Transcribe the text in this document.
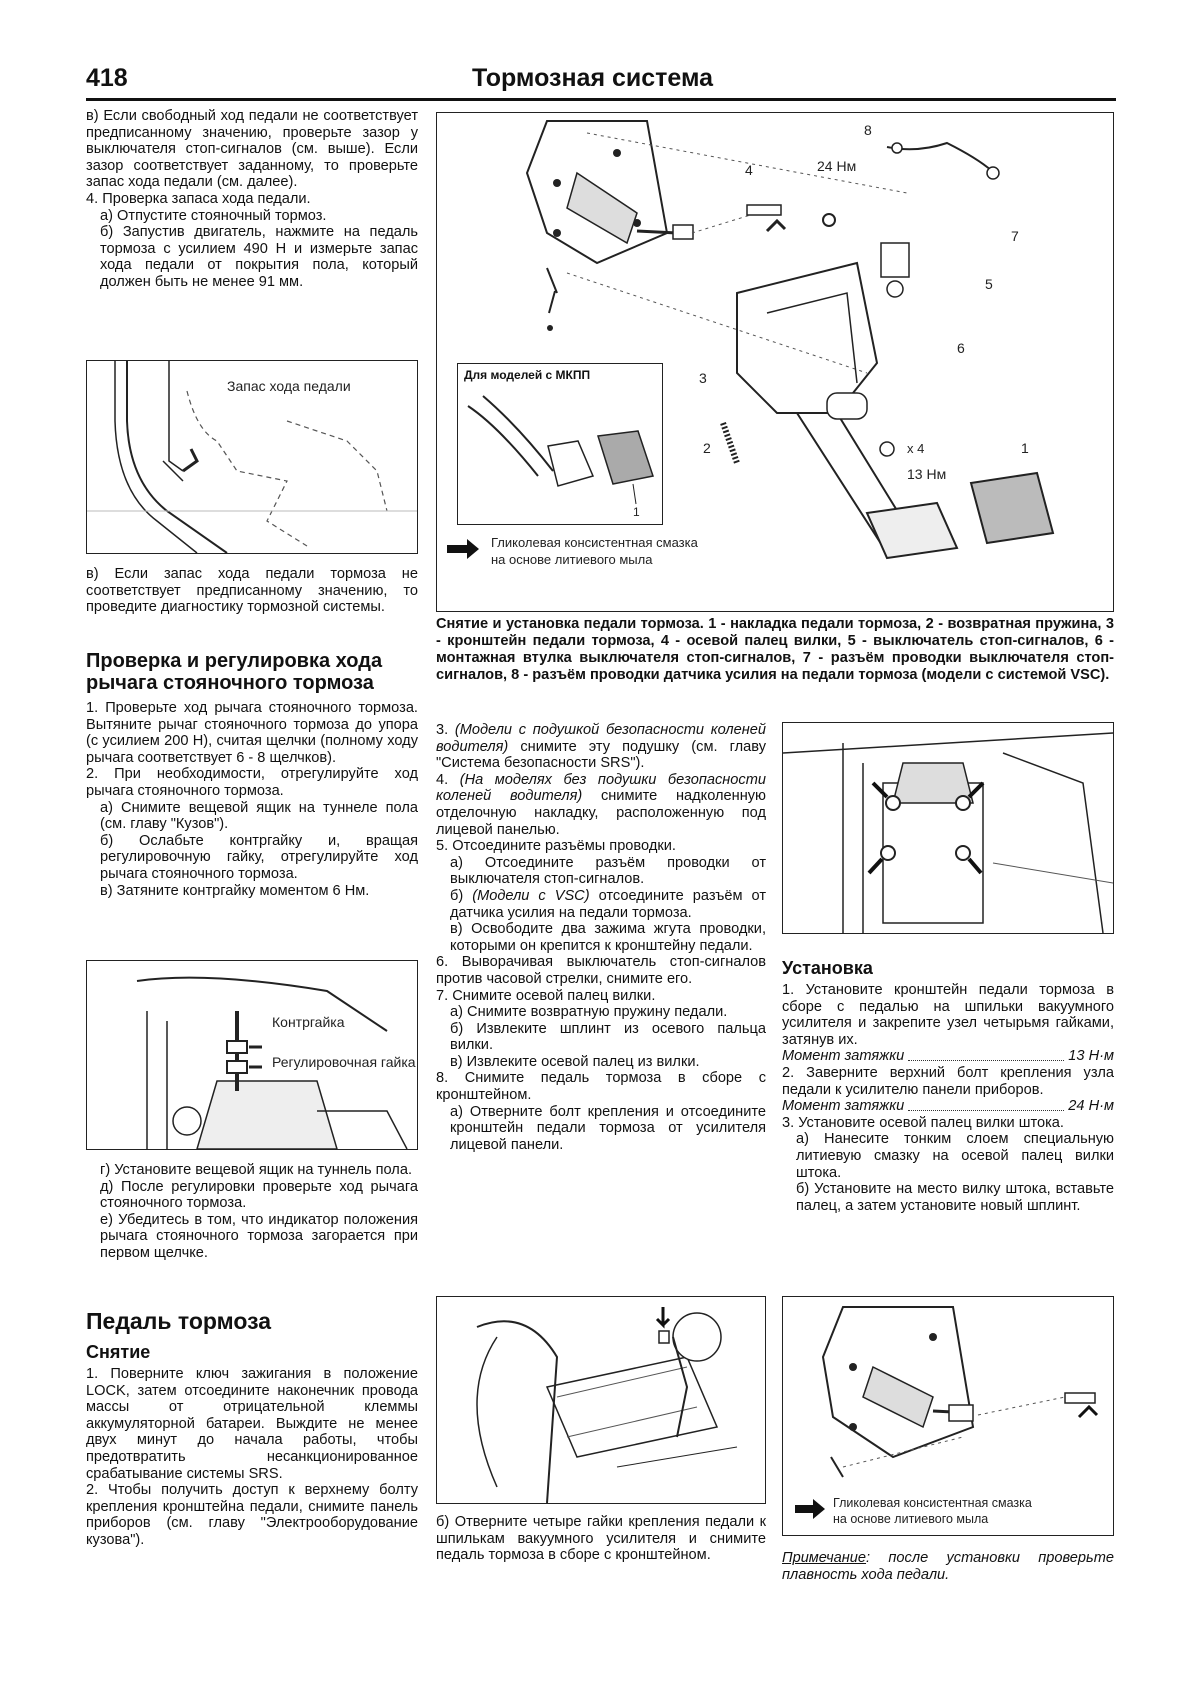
418	Тормозная система

в) Если свободный ход педали не соответствует предписанному значению, проверьте зазор у выключателя стоп-сигналов (см. выше). Если зазор соответствует заданному, то проверьте запас хода педали (см. далее).

4. Проверка запаса хода педали.

а) Отпустите стояночный тормоз.

б) Запустив двигатель, нажмите на педаль тормоза с усилием 490 Н и измерьте запас хода педали от покрытия пола, который должен быть не менее 91 мм.

Запас хода педали
в) Если запас хода педали тормоза не соответствует предписанному значению, то проведите диагностику тормозной системы.
Проверка и регулировка хода рычага стояночного тормоза

1. Проверьте ход рычага стояночного тормоза. Вытяните рычаг стояночного тормоза до упора (с усилием 200 Н), считая щелчки (полному ходу рычага соответствует 6 - 8 щелчков).

2. При необходимости, отрегулируйте ход рычага стояночного тормоза.

а) Снимите вещевой ящик на туннеле пола (см. главу "Кузов").

б) Ослабьте контргайку и, вращая регулировочную гайку, отрегулируйте ход рычага стояночного тормоза.

в) Затяните контргайку моментом 6 Нм.

Контргайка
Регулировочная гайка

г) Установите вещевой ящик на туннель пола.

д) После регулировки проверьте ход рычага стояночного тормоза.

е) Убедитесь в том, что индикатор положения рычага стояночного тормоза загорается при первом щелчке.

Педаль тормоза
Снятие

1. Поверните ключ зажигания в положение LOCK, затем отсоедините наконечник провода массы от отрицательной клеммы аккумуляторной батареи. Выждите не менее двух минут до начала работы, чтобы предотвратить несанкционированное срабатывание системы SRS.

2. Чтобы получить доступ к верхнему болту крепления кронштейна педали, снимите панель приборов (см. главу "Электрооборудование кузова").

4	24 Нм
8
7
5
6
3
2	x 4
13 Нм
1
Гликолевая консистентная смазка
на основе литиевого мыла
Для моделей с МКПП
1
Снятие и установка педали тормоза. 1 - накладка педали тормоза, 2 - возвратная пружина, 3 - кронштейн педали тормоза, 4 - осевой палец вилки, 5 - выключатель стоп-сигналов, 6 - монтажная втулка выключателя стоп-сигналов, 7 - разъём проводки выключателя стоп-сигналов, 8 - разъём проводки датчика усилия на педали тормоза (модели с системой VSC).

3. (Модели с подушкой безопасности коленей водителя) снимите эту подушку (см. главу "Система безопасности SRS").

4. (На моделях без подушки безопасности коленей водителя) снимите надколенную отделочную накладку, расположенную под лицевой панелью.

5. Отсоедините разъёмы проводки.

а) Отсоедините разъём проводки от выключателя стоп-сигналов.

б) (Модели с VSC) отсоедините разъём от датчика усилия на педали тормоза.

в) Освободите два зажима жгута проводки, которыми он крепится к кронштейну педали.

6. Выворачивая выключатель стоп-сигналов против часовой стрелки, снимите его.

7. Снимите осевой палец вилки.

а) Снимите возвратную пружину педали.

б) Извлеките шплинт из осевого пальца вилки.

в) Извлеките осевой палец из вилки.

8. Снимите педаль тормоза в сборе с кронштейном.

а) Отверните болт крепления и отсоедините кронштейн педали тормоза от усилителя лицевой панели.

б) Отверните четыре гайки крепления педали к шпилькам вакуумного усилителя и снимите педаль тормоза в сборе с кронштейном.
Установка

1. Установите кронштейн педали тормоза в сборе с педалью на шпильки вакуумного усилителя и закрепите узел четырьмя гайками, затянув их.

Момент затяжки	13 Н·м

2. Заверните верхний болт крепления узла педали к усилителю панели приборов.

Момент затяжки	24 Н·м

3. Установите осевой палец вилки штока.

а) Нанесите тонким слоем специальную литиевую смазку на осевой палец вилки штока.

б) Установите на место вилку штока, вставьте палец, а затем установите новый шплинт.

Гликолевая консистентная смазка
на основе литиевого мыла
Примечание: после установки проверьте плавность хода педали.
